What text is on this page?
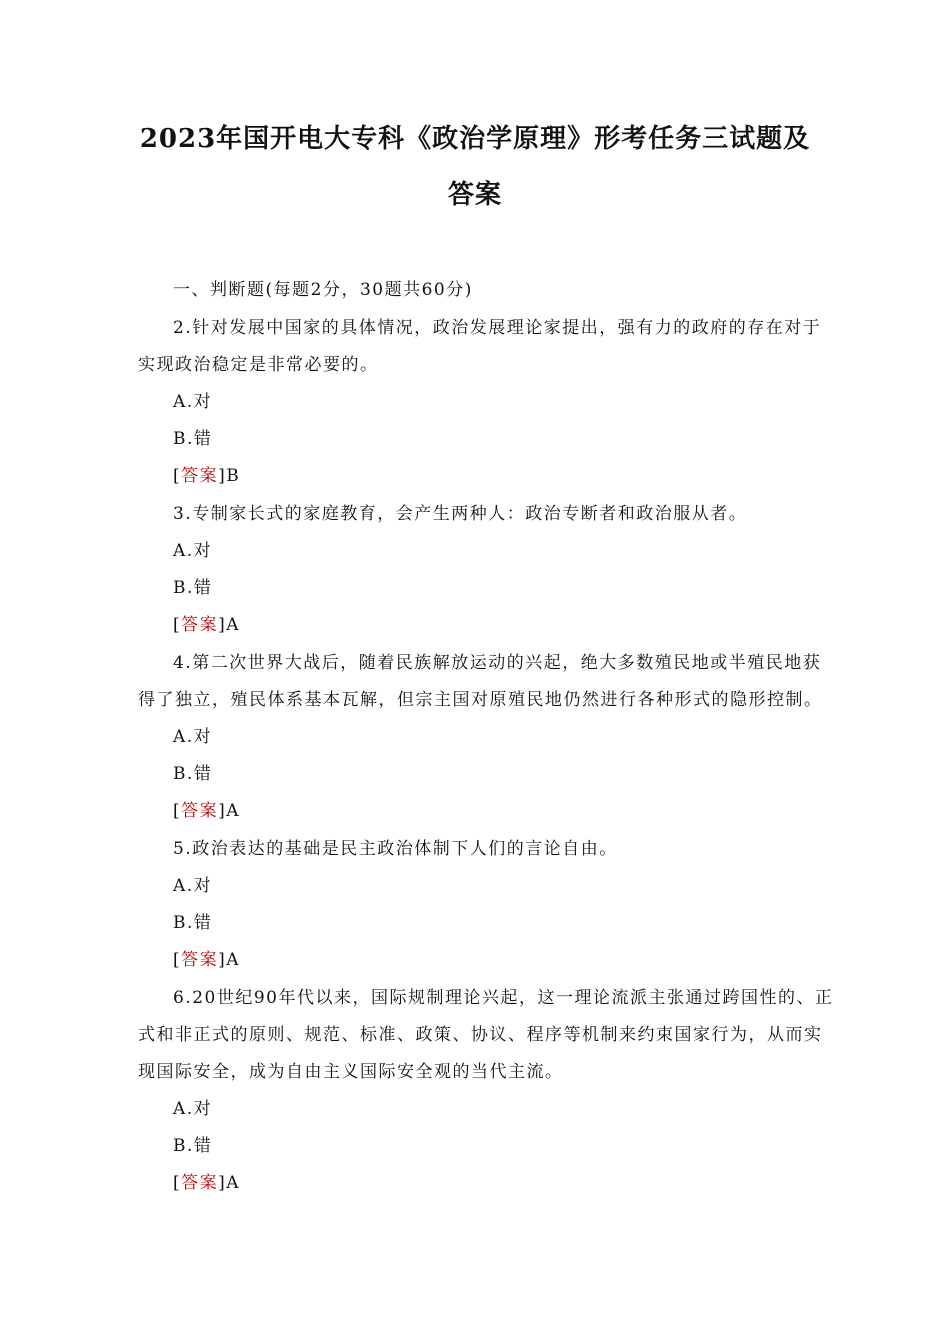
2023年国开电大专科《政治学原理》形考任务三试题及
答案
一、判断题(每题2分，30题共60分)
2.针对发展中国家的具体情况，政治发展理论家提出，强有力的政府的存在对于
实现政治稳定是非常必要的。
A.对
B.错
[答案]B
3.专制家长式的家庭教育，会产生两种人：政治专断者和政治服从者。
A.对
B.错
[答案]A
4.第二次世界大战后，随着民族解放运动的兴起，绝大多数殖民地或半殖民地获
得了独立，殖民体系基本瓦解，但宗主国对原殖民地仍然进行各种形式的隐形控制。
A.对
B.错
[答案]A
5.政治表达的基础是民主政治体制下人们的言论自由。
A.对
B.错
[答案]A
6.20世纪90年代以来，国际规制理论兴起，这一理论流派主张通过跨国性的、正
式和非正式的原则、规范、标准、政策、协议、程序等机制来约束国家行为，从而实
现国际安全，成为自由主义国际安全观的当代主流。
A.对
B.错
[答案]A
